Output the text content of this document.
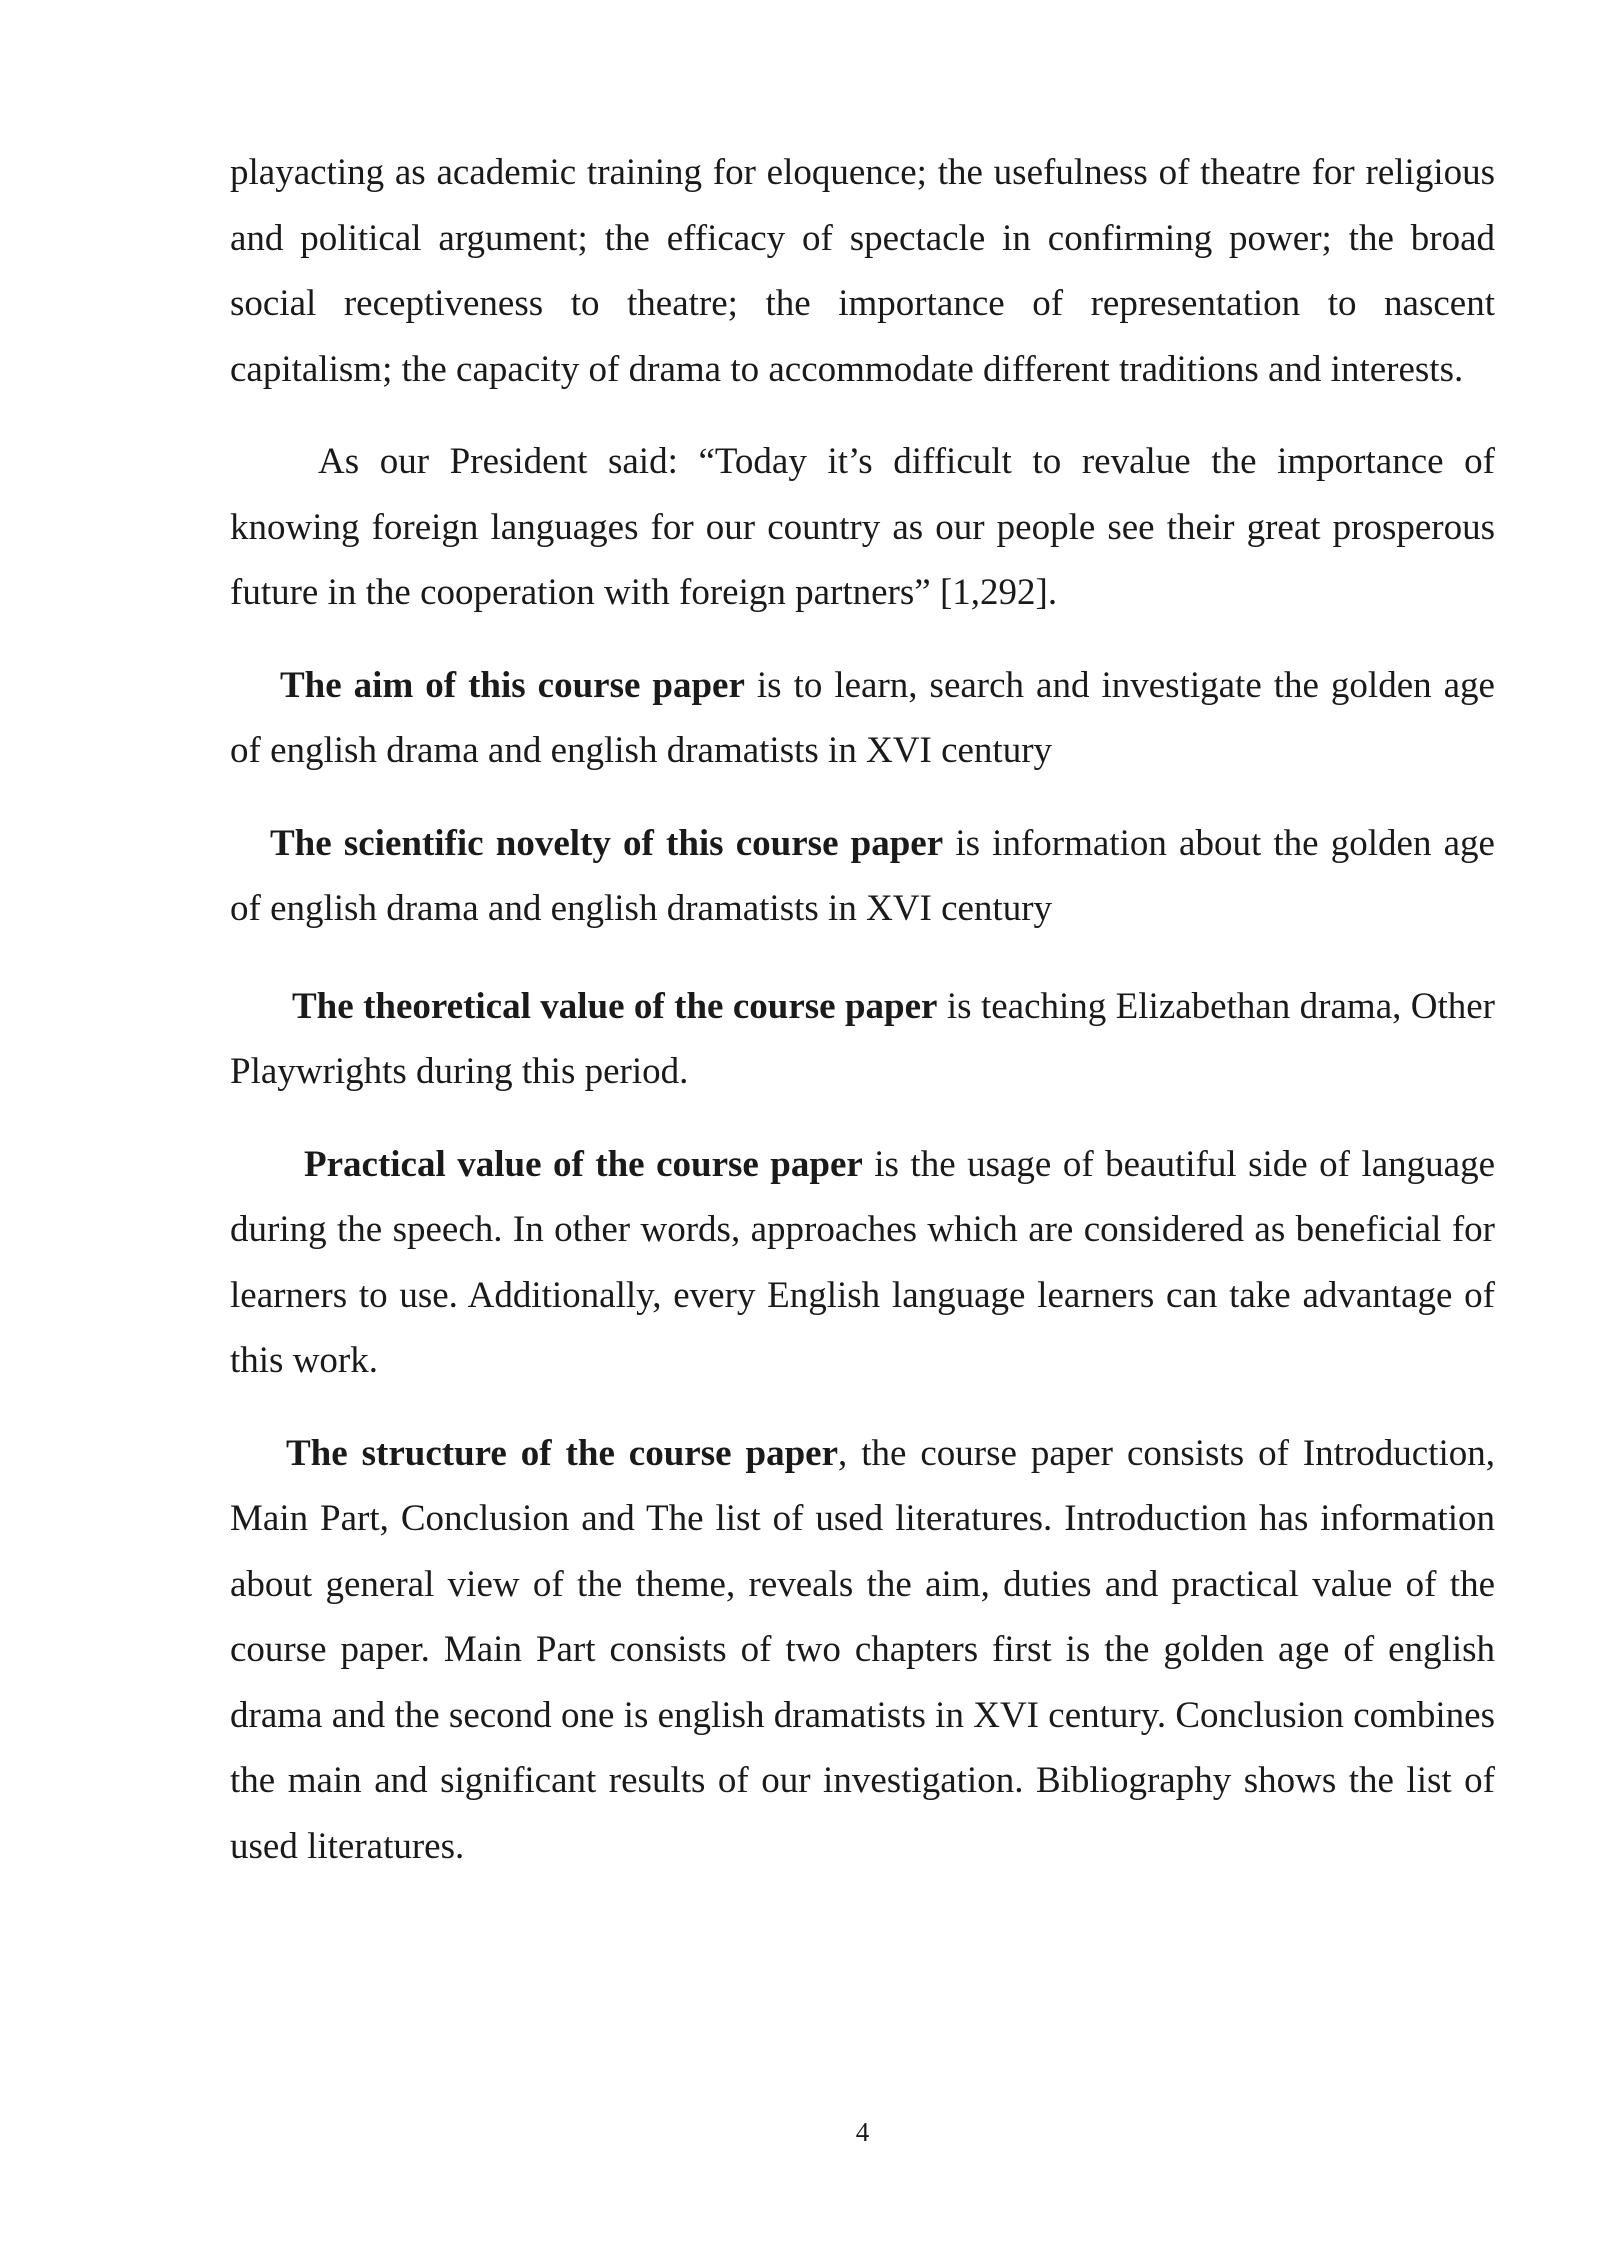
playacting as academic training for eloquence; the usefulness of theatre for religious and political argument; the efficacy of spectacle in confirming power; the broad social receptiveness to theatre; the importance of representation to nascent capitalism; the capacity of drama to accommodate different traditions and interests.

As our President said: “Today it’s difficult to revalue the importance of knowing foreign languages for our country as our people see their great prosperous future in the cooperation with foreign partners” [1,292].

The aim of this course paper is to learn, search and investigate the golden age of english drama and english dramatists in XVI century

The scientific novelty of this course paper is information about the golden age of english drama and english dramatists in XVI century

The theoretical value of the course paper is teaching Elizabethan drama, Other Playwrights during this period.

Practical value of the course paper is the usage of beautiful side of language during the speech. In other words, approaches which are considered as beneficial for learners to use. Additionally, every English language learners can take advantage of this work.

The structure of the course paper, the course paper consists of Introduction, Main Part, Conclusion and The list of used literatures. Introduction has information about general view of the theme, reveals the aim, duties and practical value of the course paper. Main Part consists of two chapters first is the golden age of english drama and the second one is english dramatists in XVI century. Conclusion combines the main and significant results of our investigation. Bibliography shows the list of used literatures.

4
